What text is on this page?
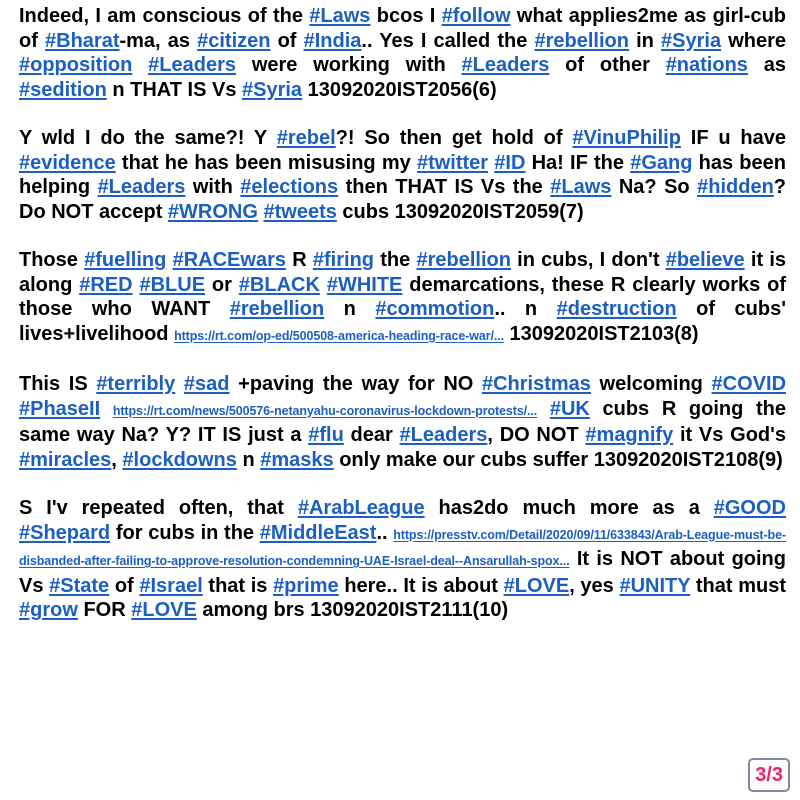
Indeed, I am conscious of the #Laws bcos I #follow what applies2me as girl-cub of #Bharat-ma, as #citizen of #India.. Yes I called the #rebellion in #Syria where #opposition #Leaders were working with #Leaders of other #nations as #sedition n THAT IS Vs #Syria 13092020IST2056(6)

Y wld I do the same?! Y #rebel?! So then get hold of #VinuPhilip IF u have #evidence that he has been misusing my #twitter #ID Ha! IF the #Gang has been helping #Leaders with #elections then THAT IS Vs the #Laws Na? So #hidden? Do NOT accept #WRONG #tweets cubs 13092020IST2059(7)

Those #fuelling #RACEwars R #firing the #rebellion in cubs, I don't #believe it is along #RED #BLUE or #BLACK #WHITE demarcations, these R clearly works of those who WANT #rebellion n #commotion.. n #destruction of cubs' lives+livelihood https://rt.com/op-ed/500508-america-heading-race-war/... 13092020IST2103(8)

This IS #terribly #sad +paving the way for NO #Christmas welcoming #COVID #PhaseII https://rt.com/news/500576-netanyahu-coronavirus-lockdown-protests/... #UK cubs R going the same way Na? Y? IT IS just a #flu dear #Leaders, DO NOT #magnify it Vs God's #miracles, #lockdowns n #masks only make our cubs suffer 13092020IST2108(9)

S I'v repeated often, that #ArabLeague has2do much more as a #GOOD #Shepard for cubs in the #MiddleEast.. https://presstv.com/Detail/2020/09/11/633843/Arab-League-must-be-disbanded-after-failing-to-approve-resolution-condemning-UAE-Israel-deal--Ansarullah-spox... It is NOT about going Vs #State of #Israel that is #prime here.. It is about #LOVE, yes #UNITY that must #grow FOR #LOVE among brs 13092020IST2111(10)

3/3
